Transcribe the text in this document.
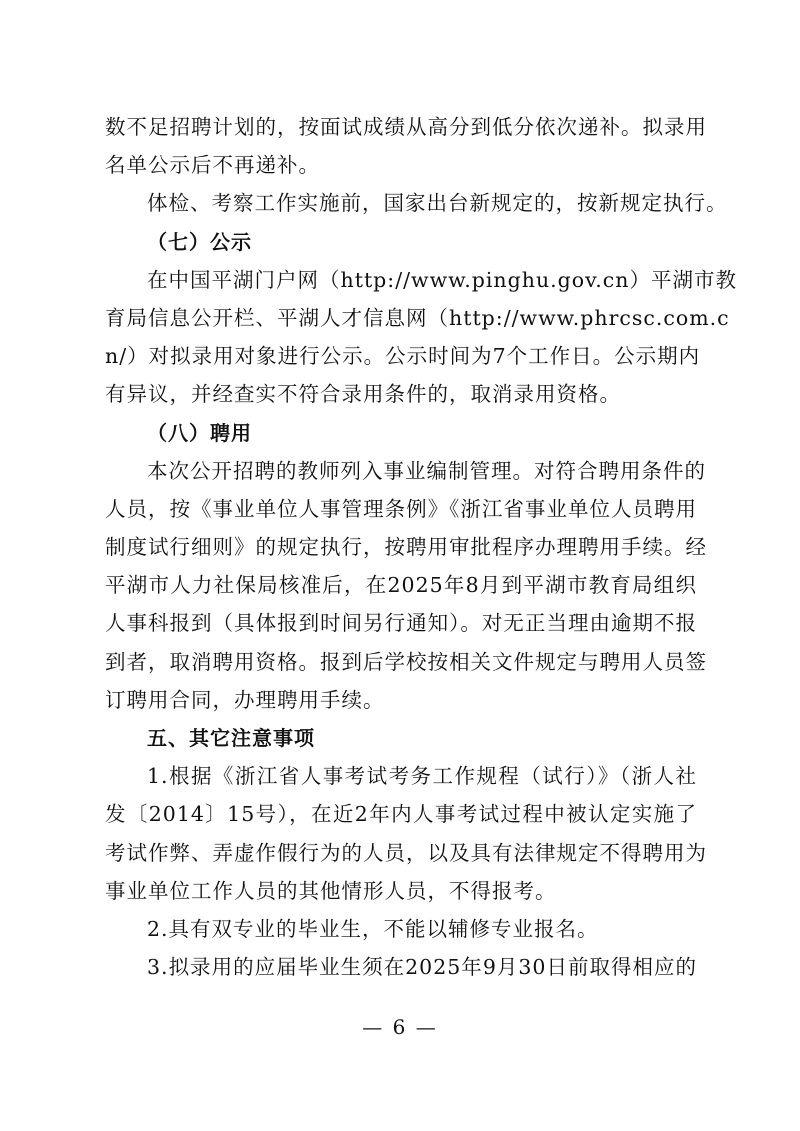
数不足招聘计划的，按面试成绩从高分到低分依次递补。拟录用
名单公示后不再递补。
体检、考察工作实施前，国家出台新规定的，按新规定执行。
（七）公示
在中国平湖门户网（http://www.pinghu.gov.cn）平湖市教
育局信息公开栏、平湖人才信息网（http://www.phrcsc.com.c
n/）对拟录用对象进行公示。公示时间为7个工作日。公示期内
有异议，并经查实不符合录用条件的，取消录用资格。
（八）聘用
本次公开招聘的教师列入事业编制管理。对符合聘用条件的
人员，按《事业单位人事管理条例》《浙江省事业单位人员聘用
制度试行细则》的规定执行，按聘用审批程序办理聘用手续。经
平湖市人力社保局核准后，在2025年8月到平湖市教育局组织
人事科报到（具体报到时间另行通知）。对无正当理由逾期不报
到者，取消聘用资格。报到后学校按相关文件规定与聘用人员签
订聘用合同，办理聘用手续。
五、其它注意事项
1.根据《浙江省人事考试考务工作规程（试行）》（浙人社
发〔2014〕15号），在近2年内人事考试过程中被认定实施了
考试作弊、弄虚作假行为的人员，以及具有法律规定不得聘用为
事业单位工作人员的其他情形人员，不得报考。
2.具有双专业的毕业生，不能以辅修专业报名。
3.拟录用的应届毕业生须在2025年9月30日前取得相应的
— 6 —
